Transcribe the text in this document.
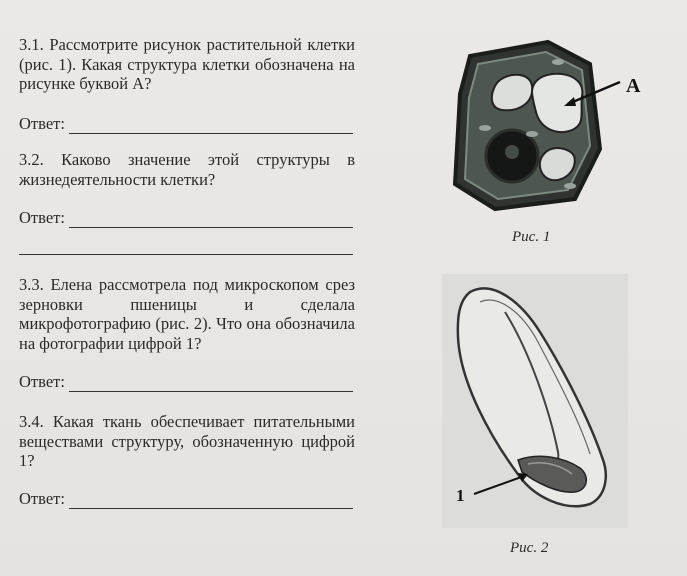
3.1. Рассмотрите рисунок растительной клетки (рис. 1). Какая структура клетки обозначена на рисунке буквой А?

Ответ:

3.2. Каково значение этой структуры в жизнедеятельности клетки?

Ответ:

3.3. Елена рассмотрела под микроскопом срез зерновки пшеницы и сделала микрофотографию (рис. 2). Что она обозначила на фотографии цифрой 1?

Ответ:

3.4. Какая ткань обеспечивает питательными веществами структуру, обозначенную цифрой 1?

Ответ:
А
Рис. 1
1
Рис. 2
